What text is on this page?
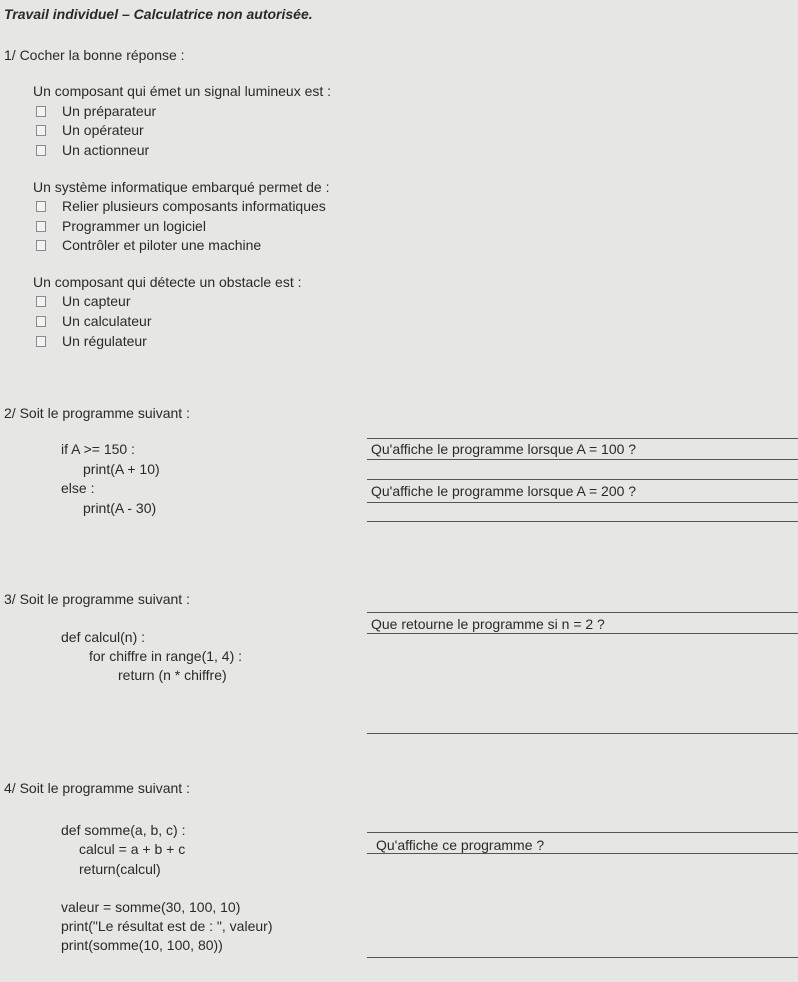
Travail individuel – Calculatrice non autorisée.
1/ Cocher la bonne réponse :
Un composant qui émet un signal lumineux est :
Un préparateur
Un opérateur
Un actionneur
Un système informatique embarqué permet de :
Relier plusieurs composants informatiques
Programmer un logiciel
Contrôler et piloter une machine
Un composant qui détecte un obstacle est :
Un capteur
Un calculateur
Un régulateur
2/ Soit le programme suivant :
if A >= 150 :
print(A + 10)
else :
print(A - 30)
Qu'affiche le programme lorsque A = 100 ?
Qu'affiche le programme lorsque A = 200 ?
3/ Soit le programme suivant :
def calcul(n) :
for chiffre in range(1, 4) :
return (n * chiffre)
Que retourne le programme si n = 2 ?
4/ Soit le programme suivant :
def somme(a, b, c) :
calcul = a + b + c
return(calcul)
valeur = somme(30, 100, 10)
print("Le résultat est de : ", valeur)
print(somme(10, 100, 80))
Qu'affiche ce programme ?
